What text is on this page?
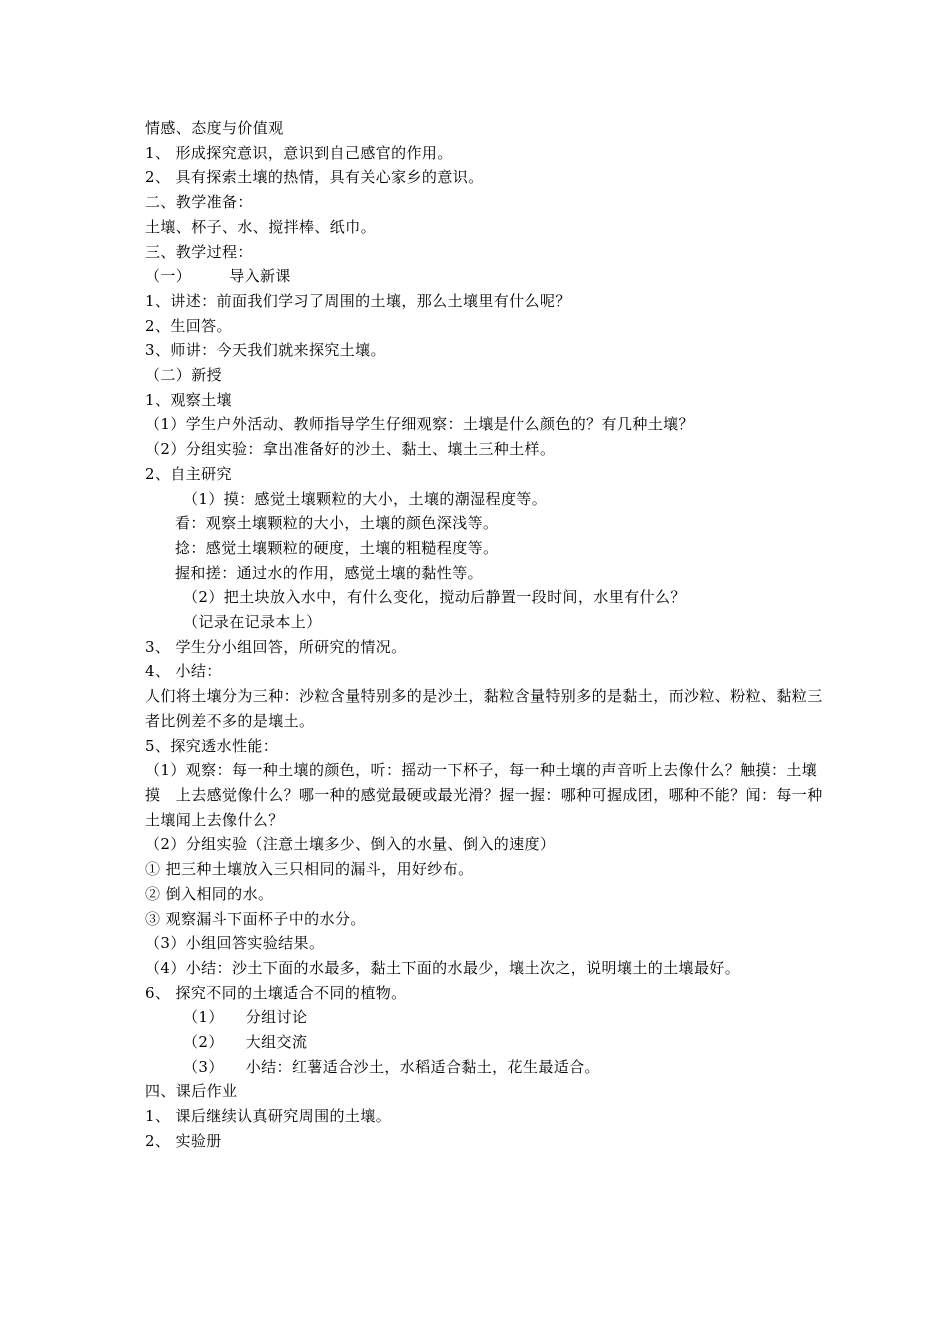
情感、态度与价值观
1、 形成探究意识，意识到自己感官的作用。
2、 具有探索土壤的热情，具有关心家乡的意识。
二、教学准备：
土壤、杯子、水、搅拌棒、纸巾。
三、教学过程：
（一）	导入新课
1、讲述：前面我们学习了周围的土壤，那么土壤里有什么呢？
2、生回答。
3、师讲：今天我们就来探究土壤。
（二）新授
1、观察土壤
（1）学生户外活动、教师指导学生仔细观察：土壤是什么颜色的？有几种土壤？
（2）分组实验：拿出准备好的沙土、黏土、壤土三种土样。
2、自主研究
（1）摸：感觉土壤颗粒的大小，土壤的潮湿程度等。
看：观察土壤颗粒的大小，土壤的颜色深浅等。
捻：感觉土壤颗粒的硬度，土壤的粗糙程度等。
握和搓：通过水的作用，感觉土壤的黏性等。
（2）把土块放入水中，有什么变化，搅动后静置一段时间，水里有什么？
（记录在记录本上）
3、 学生分小组回答，所研究的情况。
4、 小结：
人们将土壤分为三种：沙粒含量特别多的是沙土，黏粒含量特别多的是黏土，而沙粒、粉粒、黏粒三者比例差不多的是壤土。
5、探究透水性能：
（1）观察：每一种土壤的颜色，听：摇动一下杯子，每一种土壤的声音听上去像什么？触摸：土壤摸　上去感觉像什么？哪一种的感觉最硬或最光滑？握一握：哪种可握成团，哪种不能？闻：每一种土壤闻上去像什么？
（2）分组实验（注意土壤多少、倒入的水量、倒入的速度）
① 把三种土壤放入三只相同的漏斗，用好纱布。
② 倒入相同的水。
③ 观察漏斗下面杯子中的水分。
（3）小组回答实验结果。
（4）小结：沙土下面的水最多，黏土下面的水最少，壤土次之，说明壤土的土壤最好。
6、 探究不同的土壤适合不同的植物。
（1） 分组讨论
（2） 大组交流
（3） 小结：红薯适合沙土，水稻适合黏土，花生最适合。
四、课后作业
1、 课后继续认真研究周围的土壤。
2、 实验册
